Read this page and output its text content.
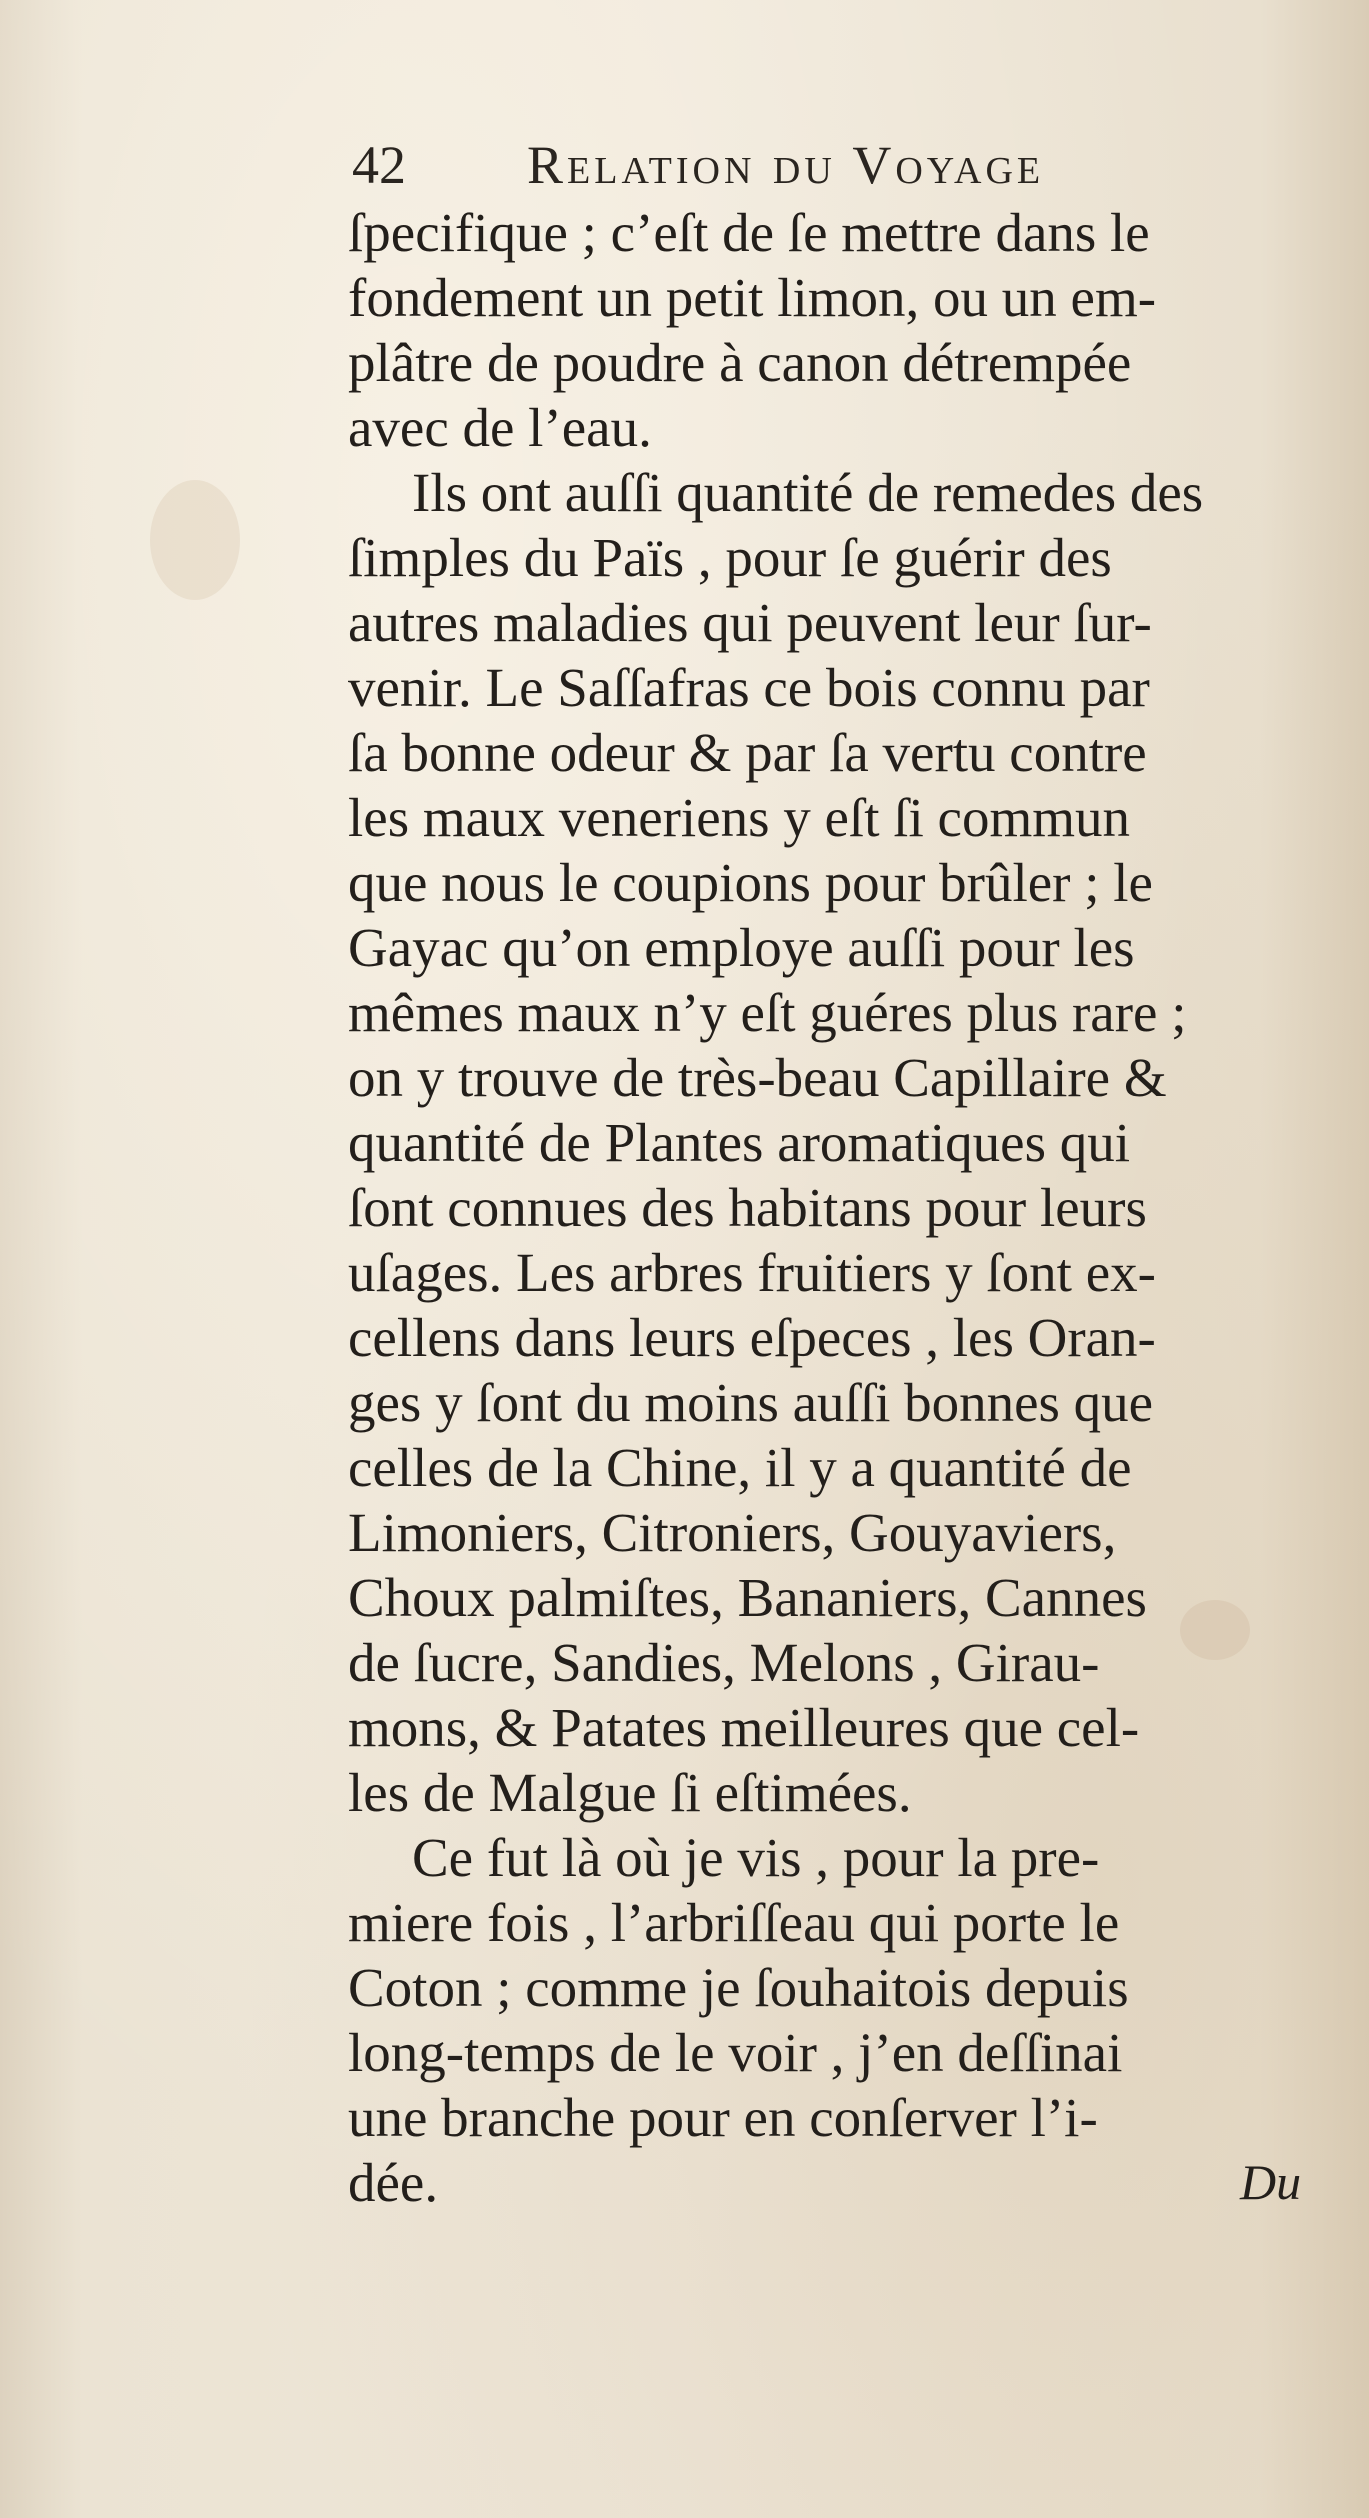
42 Relation du Voyage
ſpecifique ; c’eſt de ſe mettre dans le
fondement un petit limon, ou un em-
plâtre de poudre à canon détrempée
avec de l’eau.
Ils ont auſſi quantité de remedes des
ſimples du Païs , pour ſe guérir des
autres maladies qui peuvent leur ſur-
venir. Le Saſſafras ce bois connu par
ſa bonne odeur & par ſa vertu contre
les maux veneriens y eſt ſi commun
que nous le coupions pour brûler ; le
Gayac qu’on employe auſſi pour les
mêmes maux n’y eſt guéres plus rare ;
on y trouve de très-beau Capillaire &
quantité de Plantes aromatiques qui
ſont connues des habitans pour leurs
uſages. Les arbres fruitiers y ſont ex-
cellens dans leurs eſpeces , les Oran-
ges y ſont du moins auſſi bonnes que
celles de la Chine, il y a quantité de
Limoniers, Citroniers, Gouyaviers,
Choux palmiſtes, Bananiers, Cannes
de ſucre, Sandies, Melons , Girau-
mons, & Patates meilleures que cel-
les de Malgue ſi eſtimées.
Ce fut là où je vis , pour la pre-
miere fois , l’arbriſſeau qui porte le
Coton ; comme je ſouhaitois depuis
long-temps de le voir , j’en deſſinai
une branche pour en conſerver l’i-
dée.	Du
